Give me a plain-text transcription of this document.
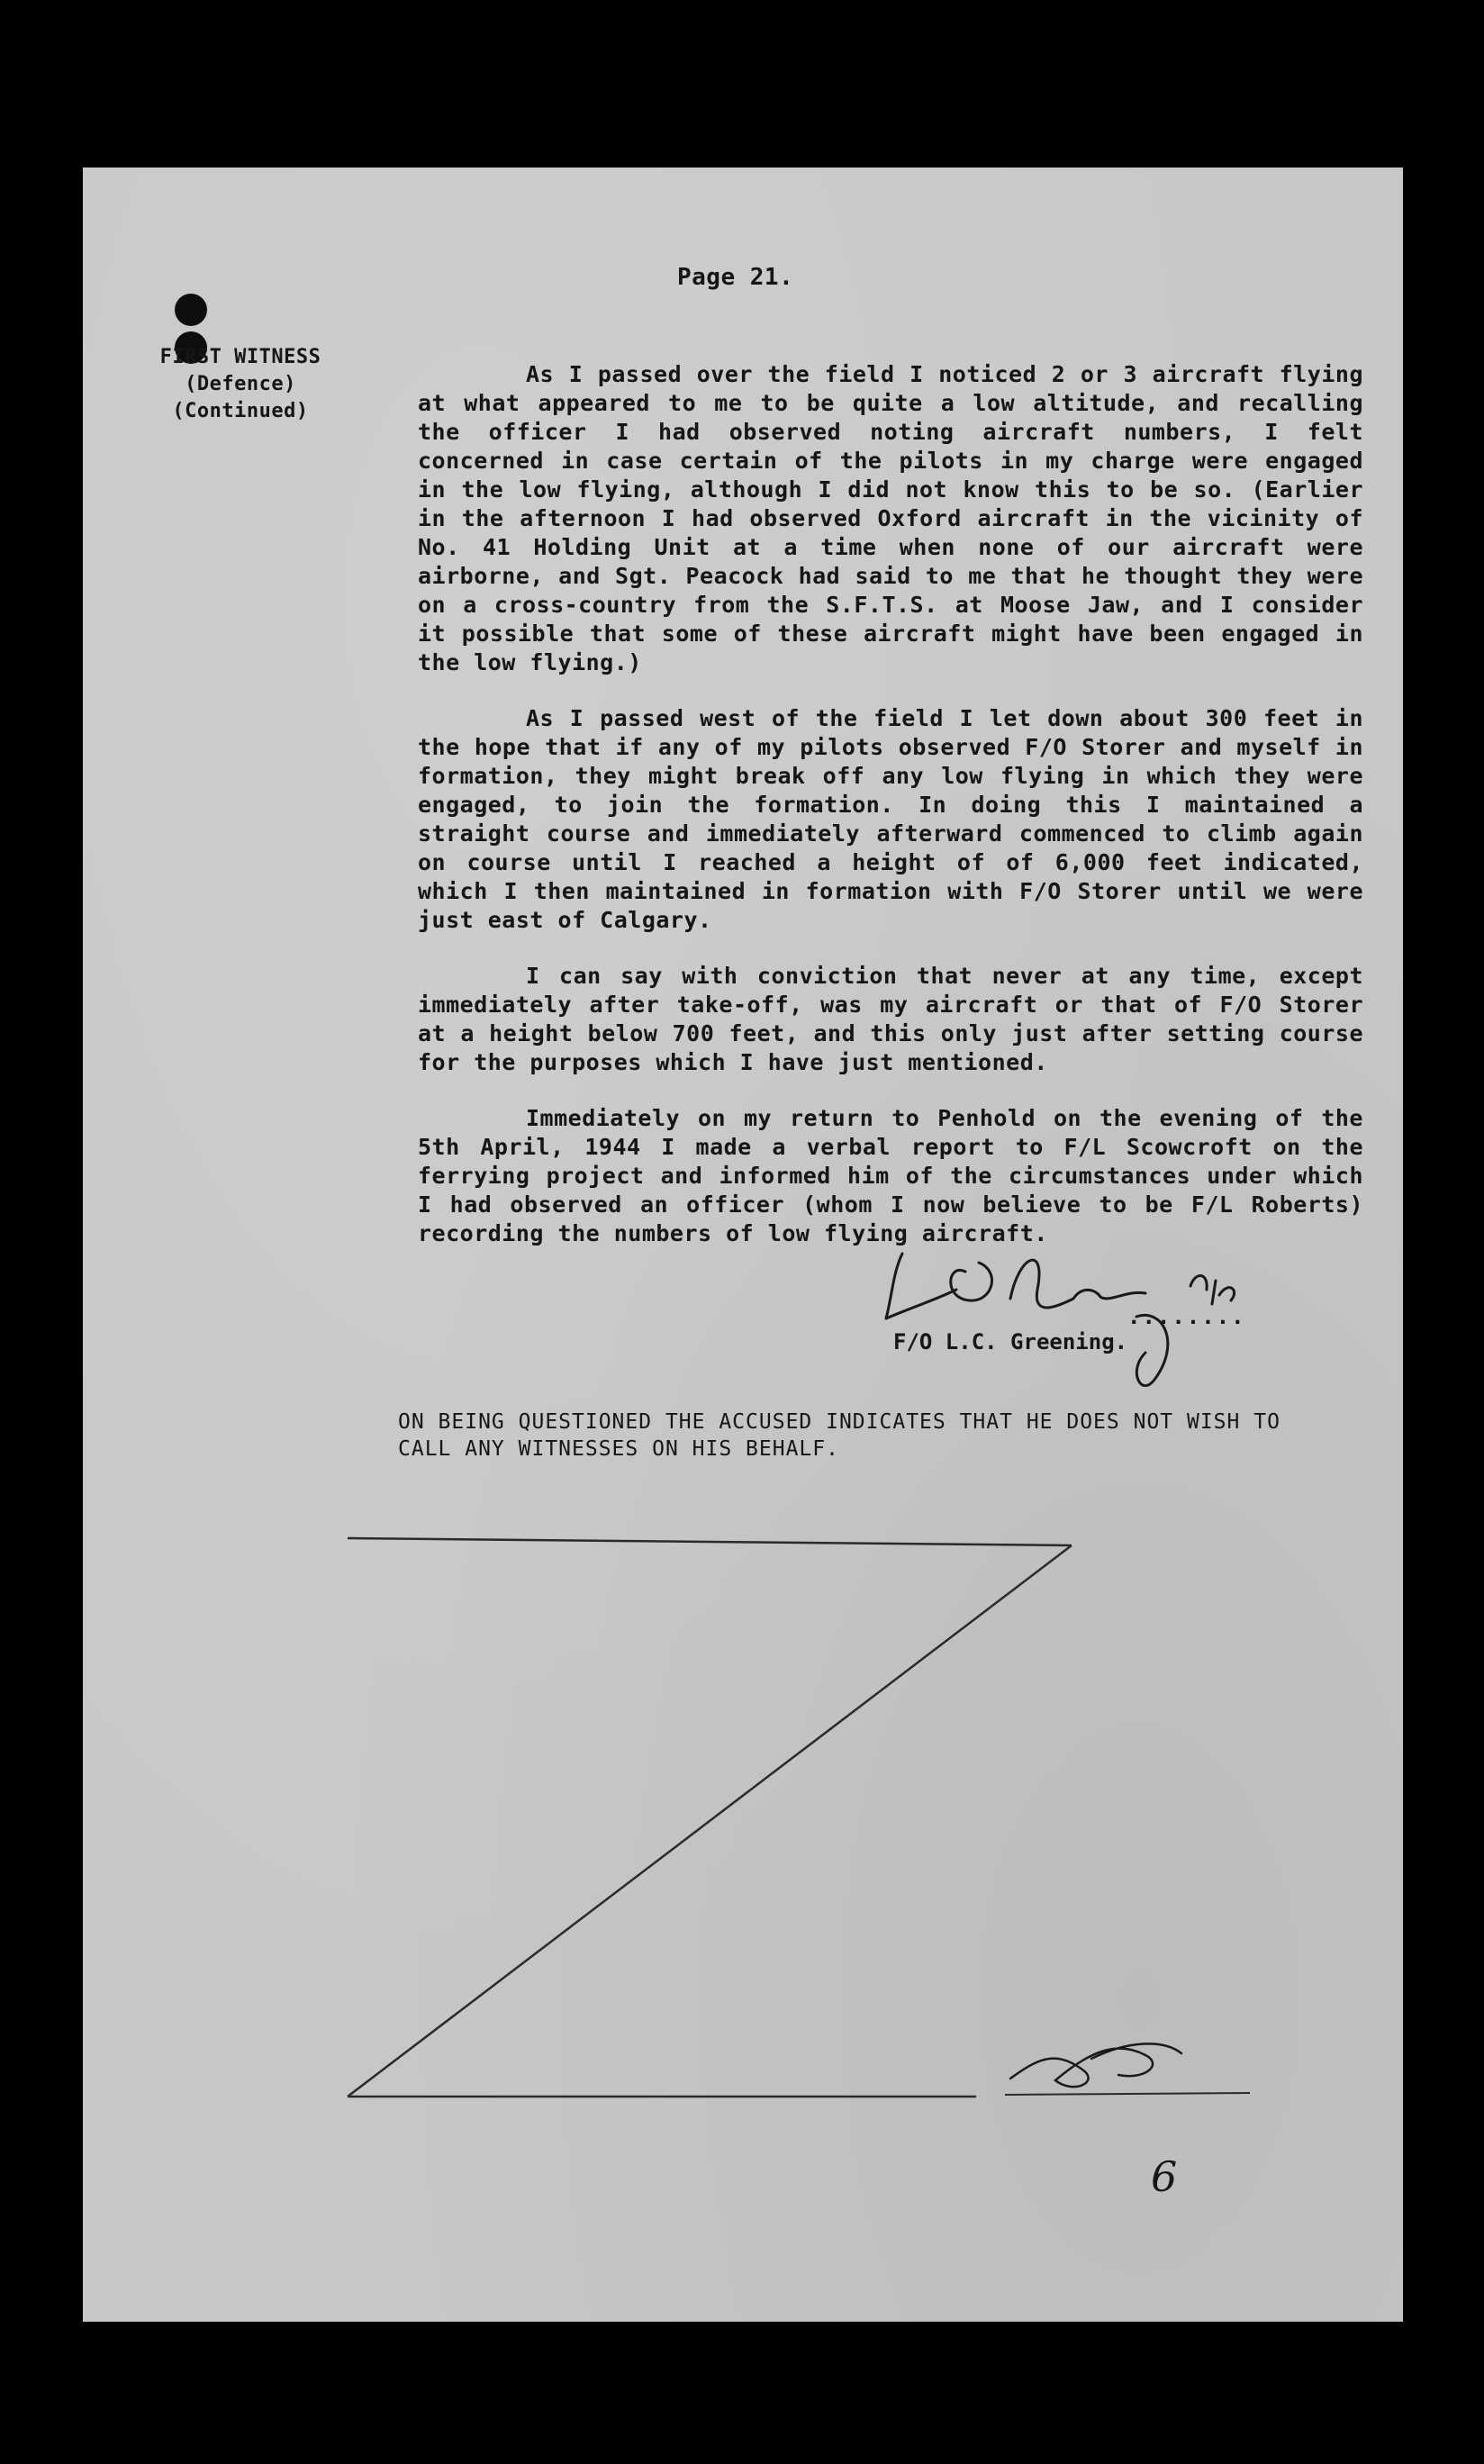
Page 21.
FIRST WITNESS
(Defence)
(Continued)

As I passed over the field I noticed 2 or 3 aircraft flying at what appeared to me to be quite a low altitude, and recalling the officer I had observed noting aircraft numbers, I felt concerned in case certain of the pilots in my charge were engaged in the low flying, although I did not know this to be so. (Earlier in the afternoon I had observed Oxford aircraft in the vicinity of No. 41 Holding Unit at a time when none of our aircraft were airborne, and Sgt. Peacock had said to me that he thought they were on a cross-country from the S.F.T.S. at Moose Jaw, and I consider it possible that some of these aircraft might have been engaged in the low flying.)

As I passed west of the field I let down about 300 feet in the hope that if any of my pilots observed F/O Storer and myself in formation, they might break off any low flying in which they were engaged, to join the formation. In doing this I maintained a straight course and immediately afterward commenced to climb again on course until I reached a height of of 6,000 feet indicated, which I then maintained in formation with F/O Storer until we were just east of Calgary.

I can say with conviction that never at any time, except immediately after take-off, was my aircraft or that of F/O Storer at a height below 700 feet, and this only just after setting course for the purposes which I have just mentioned.

Immediately on my return to Penhold on the evening of the 5th April, 1944 I made a verbal report to F/L Scowcroft on the ferrying project and informed him of the circumstances under which I had observed an officer (whom I now believe to be F/L Roberts) recording the numbers of low flying aircraft.

........
F/O L.C. Greening.
ON BEING QUESTIONED THE ACCUSED INDICATES THAT HE DOES NOT WISH TO CALL ANY WITNESSES ON HIS BEHALF.
6
